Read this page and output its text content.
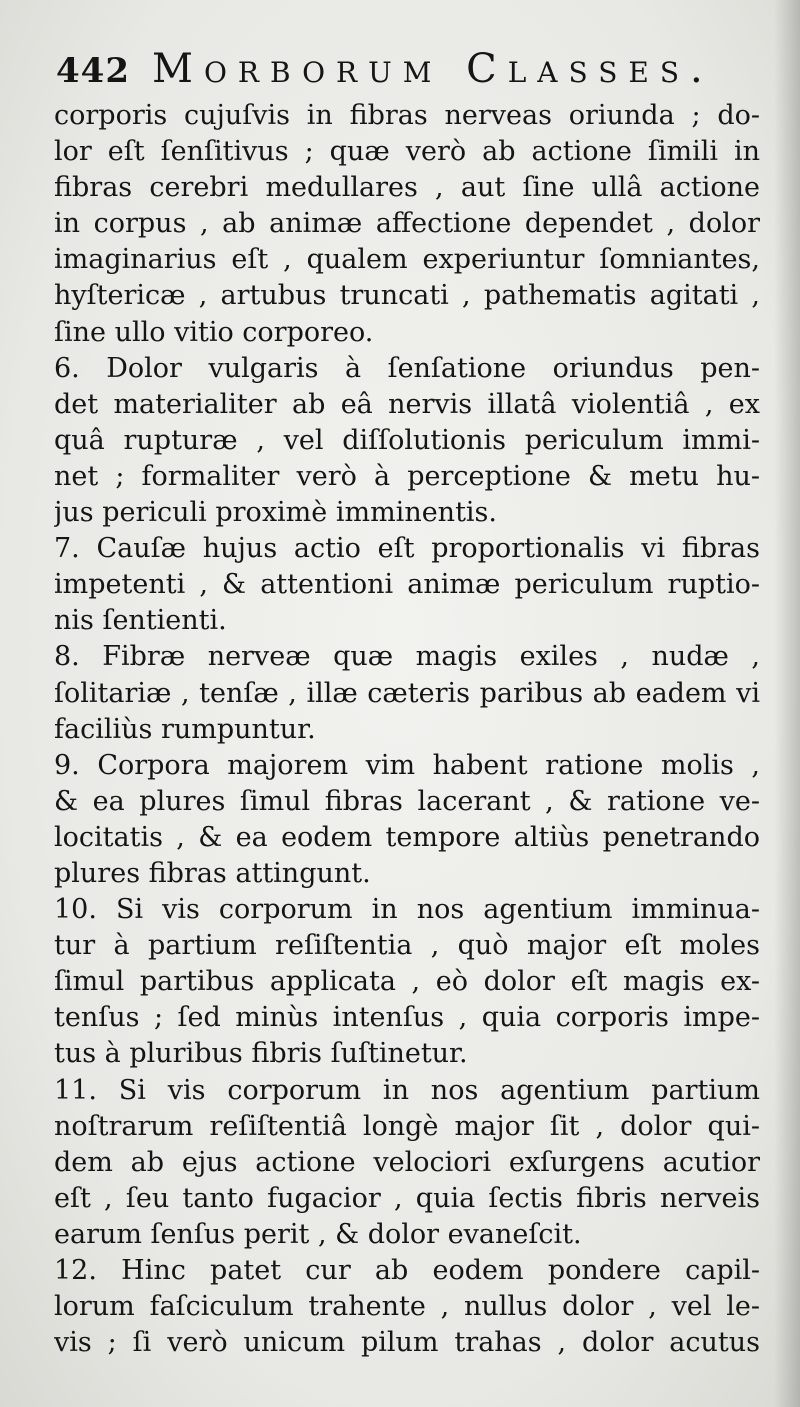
442 Morborum Classes.
corporis cujuſvis in fibras nerveas oriunda ; do-
lor eſt ſenſitivus ; quæ verò ab actione ſimili in
fibras cerebri medullares , aut ſine ullâ actione
in corpus , ab animæ affectione dependet , dolor
imaginarius eſt , qualem experiuntur ſomniantes,
hyſtericæ , artubus truncati , pathematis agitati ,
ſine ullo vitio corporeo.
6. Dolor vulgaris à ſenſatione oriundus pen-
det materialiter ab eâ nervis illatâ violentiâ , ex
quâ rupturæ , vel diſſolutionis periculum immi-
net ; formaliter verò à perceptione & metu hu-
jus periculi proximè imminentis.
7. Cauſæ hujus actio eſt proportionalis vi fibras
impetenti , & attentioni animæ periculum ruptio-
nis ſentienti.
8. Fibræ nerveæ quæ magis exiles , nudæ ,
ſolitariæ , tenſæ , illæ cæteris paribus ab eadem vi
faciliùs rumpuntur.
9. Corpora majorem vim habent ratione molis ,
& ea plures ſimul fibras lacerant , & ratione ve-
locitatis , & ea eodem tempore altiùs penetrando
plures fibras attingunt.
10. Si vis corporum in nos agentium imminua-
tur à partium reſiſtentia , quò major eſt moles
ſimul partibus applicata , eò dolor eſt magis ex-
tenſus ; ſed minùs intenſus , quia corporis impe-
tus à pluribus fibris ſuſtinetur.
11. Si vis corporum in nos agentium partium
noſtrarum reſiſtentiâ longè major ſit , dolor qui-
dem ab ejus actione velociori exſurgens acutior
eſt , ſeu tanto fugacior , quia ſectis fibris nerveis
earum ſenſus perit , & dolor evaneſcit.
12. Hinc patet cur ab eodem pondere capil-
lorum faſciculum trahente , nullus dolor , vel le-
vis ; ſi verò unicum pilum trahas , dolor acutus
